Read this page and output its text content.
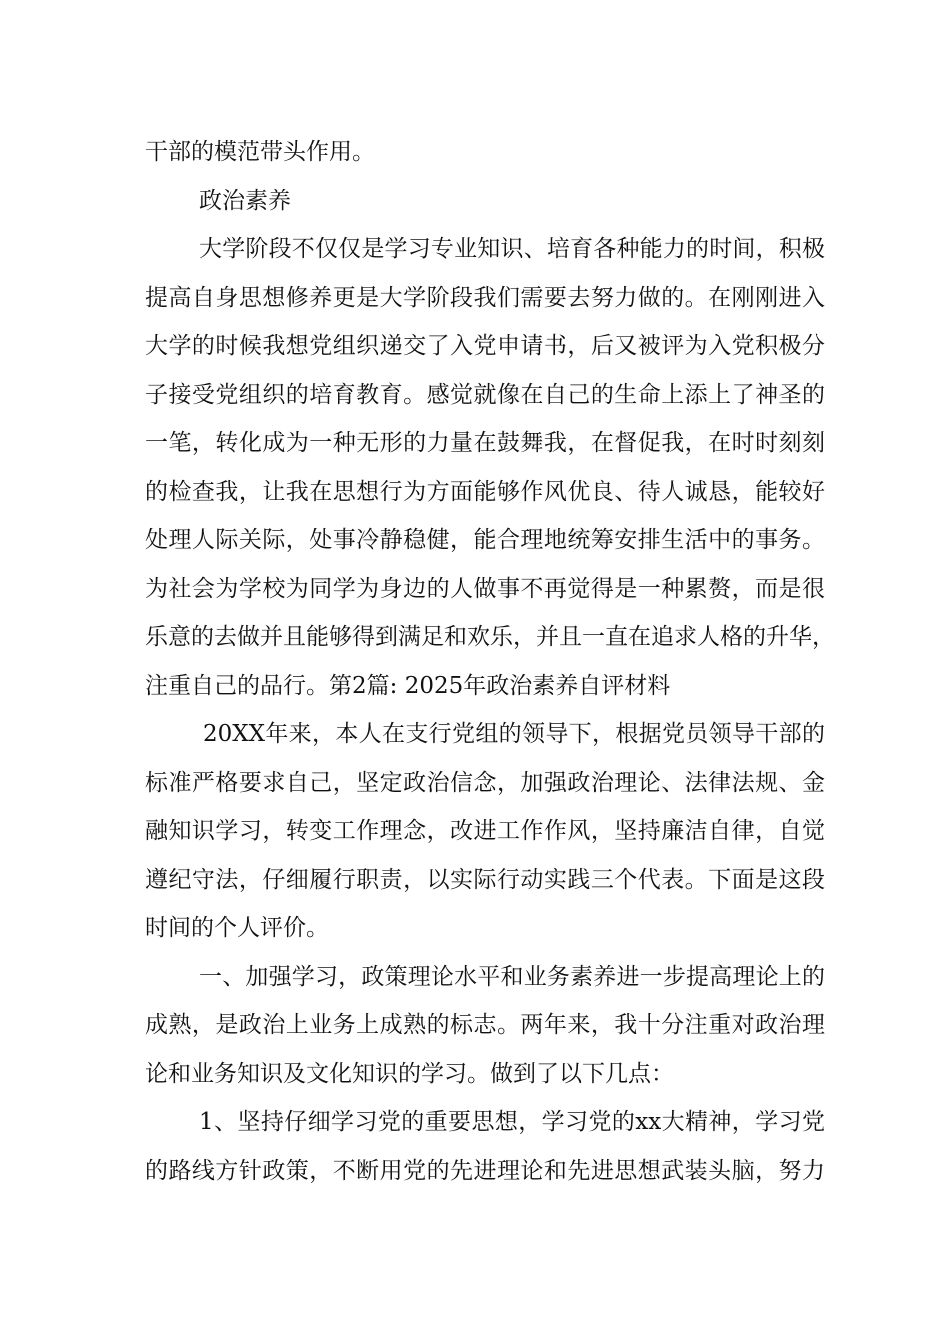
干部的模范带头作用。
政治素养
大学阶段不仅仅是学习专业知识、培育各种能力的时间，积极
提高自身思想修养更是大学阶段我们需要去努力做的。在刚刚进入
大学的时候我想党组织递交了入党申请书，后又被评为入党积极分
子接受党组织的培育教育。感觉就像在自己的生命上添上了神圣的
一笔，转化成为一种无形的力量在鼓舞我，在督促我，在时时刻刻
的检查我，让我在思想行为方面能够作风优良、待人诚恳，能较好
处理人际关际，处事冷静稳健，能合理地统筹安排生活中的事务。
为社会为学校为同学为身边的人做事不再觉得是一种累赘，而是很
乐意的去做并且能够得到满足和欢乐，并且一直在追求人格的升华，
注重自己的品行。第2篇: 2025年政治素养自评材料
20XX年来，本人在支行党组的领导下，根据党员领导干部的
标准严格要求自己，坚定政治信念，加强政治理论、法律法规、金
融知识学习，转变工作理念，改进工作作风，坚持廉洁自律，自觉
遵纪守法，仔细履行职责，以实际行动实践三个代表。下面是这段
时间的个人评价。
一、加强学习，政策理论水平和业务素养进一步提高理论上的
成熟，是政治上业务上成熟的标志。两年来，我十分注重对政治理
论和业务知识及文化知识的学习。做到了以下几点：
1、坚持仔细学习党的重要思想，学习党的xx大精神，学习党
的路线方针政策，不断用党的先进理论和先进思想武装头脑，努力
